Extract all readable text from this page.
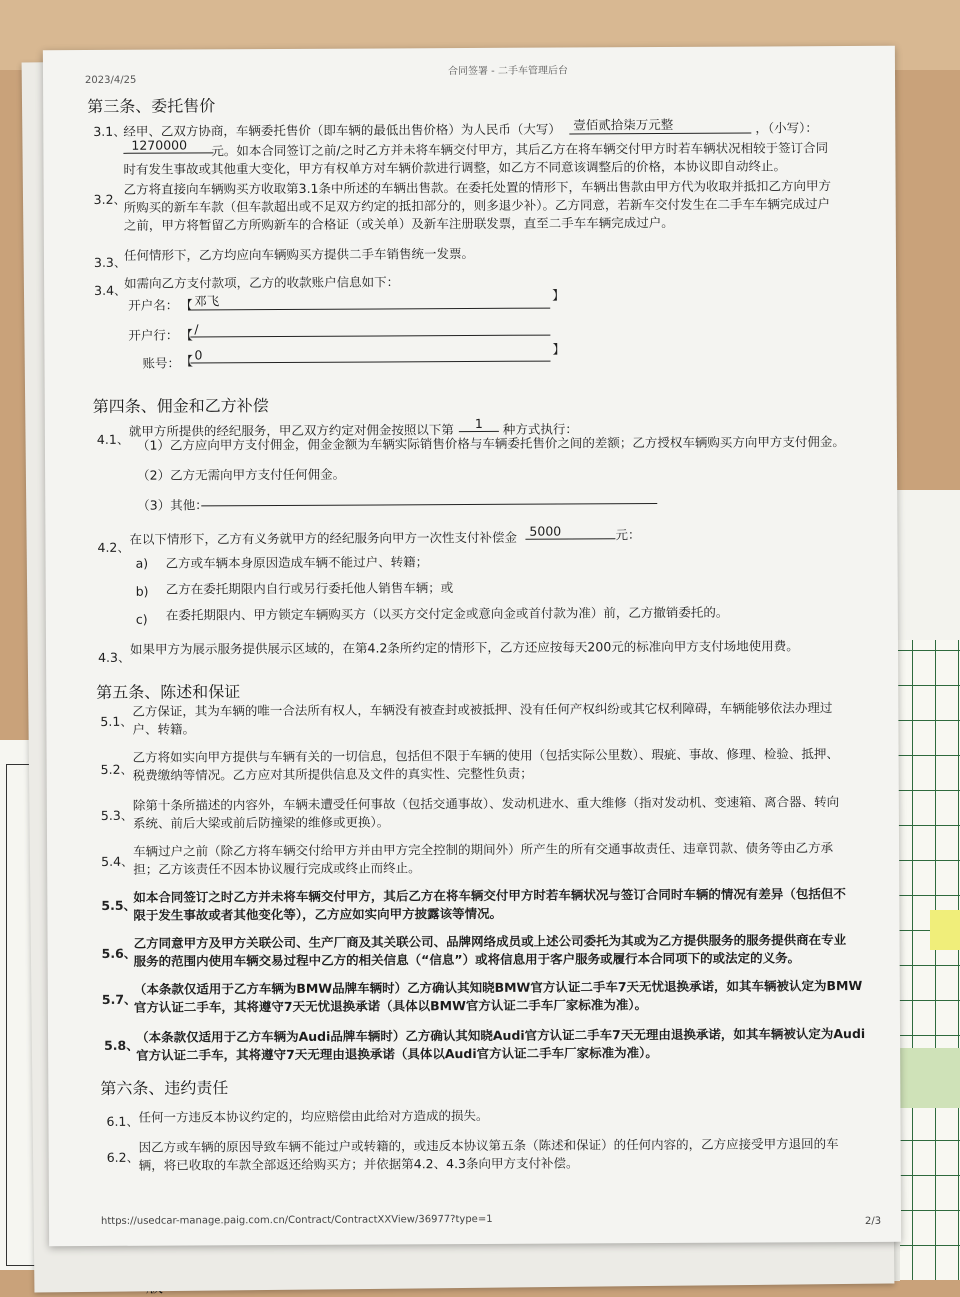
2023/4/25
合同签署 - 二手车管理后台
第三条、委托售价
3.1、
经甲、乙双方协商，车辆委托售价（即车辆的最低出售价格）为人民币（大写） 壹佰贰拾柒万元整	，（小写）：
1270000	元。如本合同签订之前/之时乙方并未将车辆交付甲方，其后乙方在将车辆交付甲方时若车辆状况相较于签订合同
时有发生事故或其他重大变化，甲方有权单方对车辆价款进行调整，如乙方不同意该调整后的价格，本协议即自动终止。
3.2、
乙方将直接向车辆购买方收取第3.1条中所述的车辆出售款。在委托处置的情形下，车辆出售款由甲方代为收取并抵扣乙方向甲方
所购买的新车车款（但车款超出或不足双方约定的抵扣部分的，则多退少补）。乙方同意，若新车交付发生在二手车车辆完成过户
之前，甲方将暂留乙方所购新车的合格证（或关单）及新车注册联发票，直至二手车车辆完成过户。
3.3、
任何情形下，乙方均应向车辆购买方提供二手车销售统一发票。
3.4、
如需向乙方支付款项，乙方的收款账户信息如下：
开户名： 【 邓飞	】
开户行： 【 /
账号： 【 0	】
第四条、佣金和乙方补偿
4.1、
就甲方所提供的经纪服务，甲乙双方约定对佣金按照以下第	1	种方式执行：
（1）乙方应向甲方支付佣金，佣金金额为车辆实际销售价格与车辆委托售价之间的差额；乙方授权车辆购买方向甲方支付佣金。
（2）乙方无需向甲方支付任何佣金。
（3）其他：
4.2、
在以下情形下，乙方有义务就甲方的经纪服务向甲方一次性支付补偿金 5000	元：
a) 乙方或车辆本身原因造成车辆不能过户、转籍；
b) 乙方在委托期限内自行或另行委托他人销售车辆；或
c) 在委托期限内、甲方锁定车辆购买方（以买方交付定金或意向金或首付款为准）前，乙方撤销委托的。
4.3、
如果甲方为展示服务提供展示区域的，在第4.2条所约定的情形下，乙方还应按每天200元的标准向甲方支付场地使用费。
第五条、陈述和保证
5.1、
乙方保证，其为车辆的唯一合法所有权人，车辆没有被查封或被抵押、没有任何产权纠纷或其它权利障碍，车辆能够依法办理过
户、转籍。
5.2、
乙方将如实向甲方提供与车辆有关的一切信息，包括但不限于车辆的使用（包括实际公里数）、瑕疵、事故、修理、检验、抵押、
税费缴纳等情况。乙方应对其所提供信息及文件的真实性、完整性负责；
5.3、
除第十条所描述的内容外，车辆未遭受任何事故（包括交通事故）、发动机进水、重大维修（指对发动机、变速箱、离合器、转向
系统、前后大梁或前后防撞梁的维修或更换）。
5.4、
车辆过户之前（除乙方将车辆交付给甲方并由甲方完全控制的期间外）所产生的所有交通事故责任、违章罚款、债务等由乙方承
担；乙方该责任不因本协议履行完成或终止而终止。
5.5、
如本合同签订之时乙方并未将车辆交付甲方，其后乙方在将车辆交付甲方时若车辆状况与签订合同时车辆的情况有差异（包括但不
限于发生事故或者其他变化等），乙方应如实向甲方披露该等情况。
5.6、
乙方同意甲方及甲方关联公司、生产厂商及其关联公司、品牌网络成员或上述公司委托为其或为乙方提供服务的服务提供商在专业
服务的范围内使用车辆交易过程中乙方的相关信息（“信息”）或将信息用于客户服务或履行本合同项下的或法定的义务。
5.7、
（本条款仅适用于乙方车辆为BMW品牌车辆时）乙方确认其知晓BMW官方认证二手车7天无忧退换承诺，如其车辆被认定为BMW
官方认证二手车，其将遵守7天无忧退换承诺（具体以BMW官方认证二手车厂家标准为准）。
5.8、
（本条款仅适用于乙方车辆为Audi品牌车辆时）乙方确认其知晓Audi官方认证二手车7天无理由退换承诺，如其车辆被认定为Audi
官方认证二手车，其将遵守7天无理由退换承诺（具体以Audi官方认证二手车厂家标准为准）。
第六条、违约责任
6.1、 任何一方违反本协议约定的，均应赔偿由此给对方造成的损失。
6.2、
因乙方或车辆的原因导致车辆不能过户或转籍的，或违反本协议第五条（陈述和保证）的任何内容的，乙方应接受甲方退回的车
辆，将已收取的车款全部返还给购买方；并依据第4.2、4.3条向甲方支付补偿。
https://usedcar-manage.paig.com.cn/Contract/ContractXXView/36977?type=1	2/3
